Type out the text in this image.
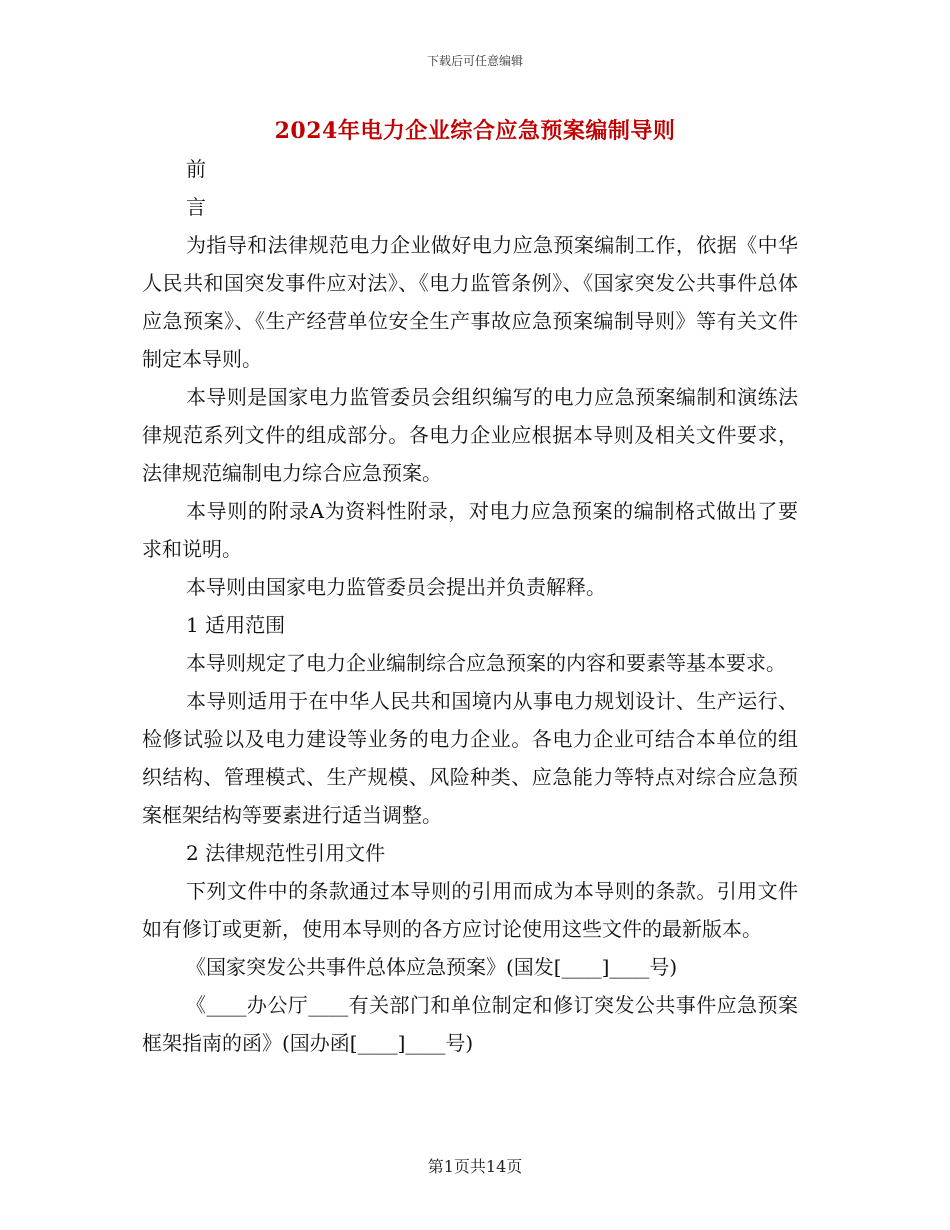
下载后可任意编辑
2024年电力企业综合应急预案编制导则

前

言

为指导和法律规范电力企业做好电力应急预案编制工作，依据《中华人民共和国突发事件应对法》、《电力监管条例》、《国家突发公共事件总体应急预案》、《生产经营单位安全生产事故应急预案编制导则》等有关文件制定本导则。

本导则是国家电力监管委员会组织编写的电力应急预案编制和演练法律规范系列文件的组成部分。各电力企业应根据本导则及相关文件要求，法律规范编制电力综合应急预案。

本导则的附录A为资料性附录，对电力应急预案的编制格式做出了要求和说明。

本导则由国家电力监管委员会提出并负责解释。

1 适用范围

本导则规定了电力企业编制综合应急预案的内容和要素等基本要求。

本导则适用于在中华人民共和国境内从事电力规划设计、生产运行、检修试验以及电力建设等业务的电力企业。各电力企业可结合本单位的组织结构、管理模式、生产规模、风险种类、应急能力等特点对综合应急预案框架结构等要素进行适当调整。

2 法律规范性引用文件

下列文件中的条款通过本导则的引用而成为本导则的条款。引用文件如有修订或更新，使用本导则的各方应讨论使用这些文件的最新版本。

《国家突发公共事件总体应急预案》(国发[____]____号)

《____办公厅____有关部门和单位制定和修订突发公共事件应急预案框架指南的函》(国办函[____]____号)

第1页共14页
